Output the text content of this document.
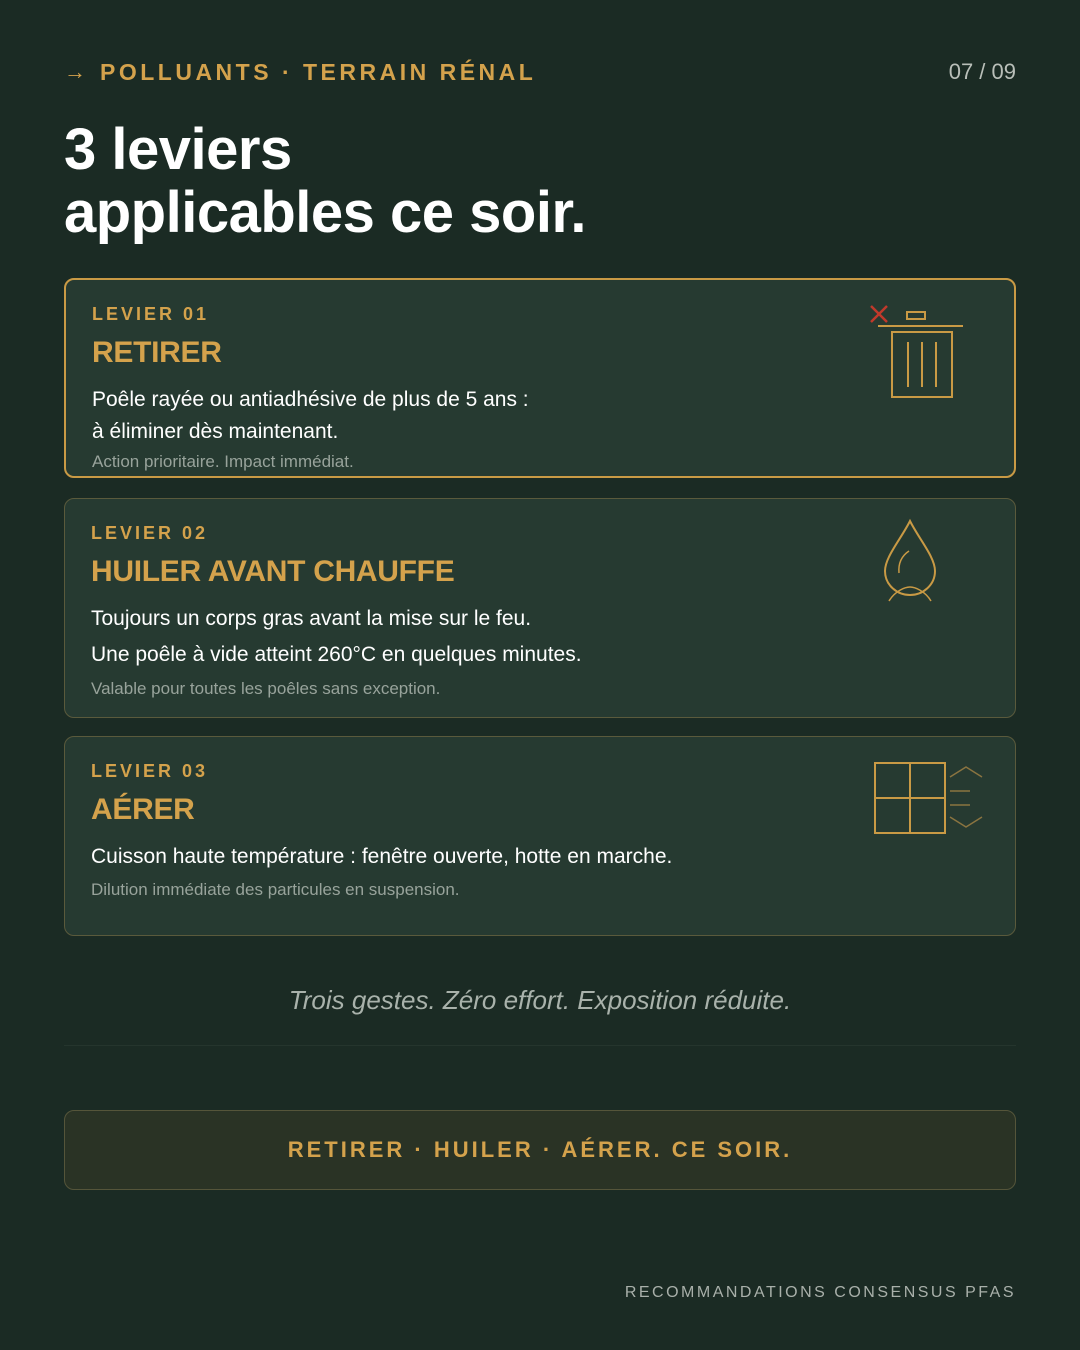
→ POLLUANTS · TERRAIN RÉNAL	07 / 09
3 leviers
applicables ce soir.
LEVIER 01
RETIRER
Poêle rayée ou antiadhésive de plus de 5 ans :
à éliminer dès maintenant.
Action prioritaire. Impact immédiat.
LEVIER 02
HUILER AVANT CHAUFFE
Toujours un corps gras avant la mise sur le feu.
Une poêle à vide atteint 260°C en quelques minutes.
Valable pour toutes les poêles sans exception.
LEVIER 03
AÉRER
Cuisson haute température : fenêtre ouverte, hotte en marche.
Dilution immédiate des particules en suspension.
Trois gestes. Zéro effort. Exposition réduite.
RETIRER · HUILER · AÉRER. CE SOIR.
RECOMMANDATIONS CONSENSUS PFAS
